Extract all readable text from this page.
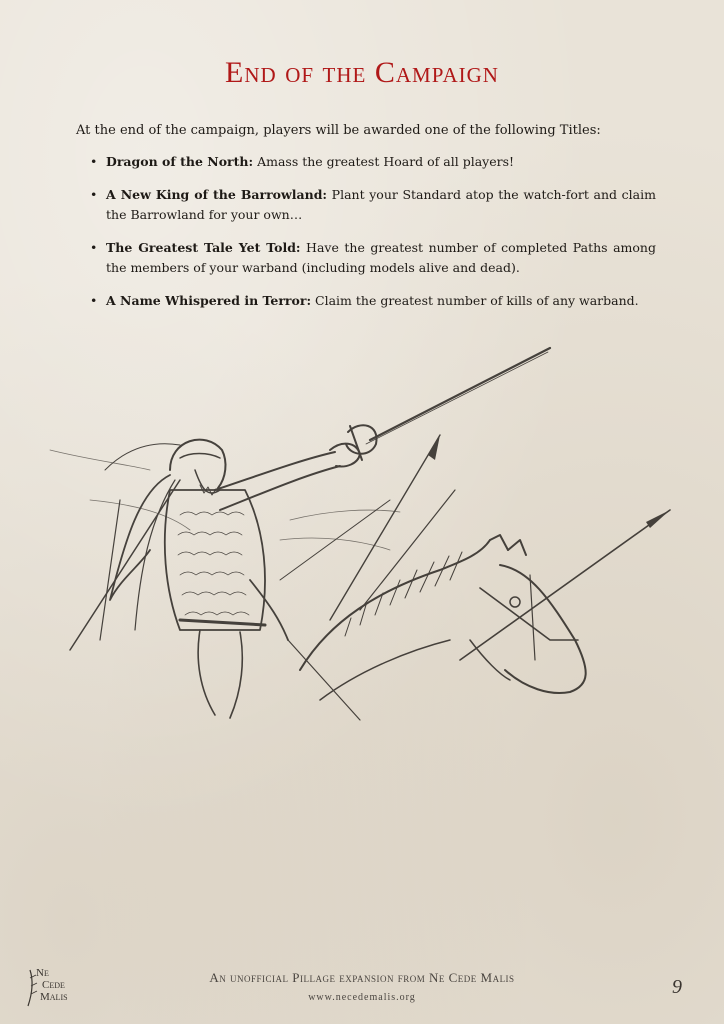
End of the Campaign

At the end of the campaign, players will be awarded one of the following Titles:

• Dragon of the North: Amass the greatest Hoard of all players!
• A New King of the Barrowland: Plant your Standard atop the watch-fort and claim the Barrowland for your own…
• The Greatest Tale Yet Told: Have the greatest number of completed Paths among the members of your warband (including models alive and dead).
• A Name Whispered in Terror: Claim the greatest number of kills of any warband.
Ne
Cede
Malis
An unofficial Pillage expansion from Ne Cede Malis
www.necedemalis.org	9
